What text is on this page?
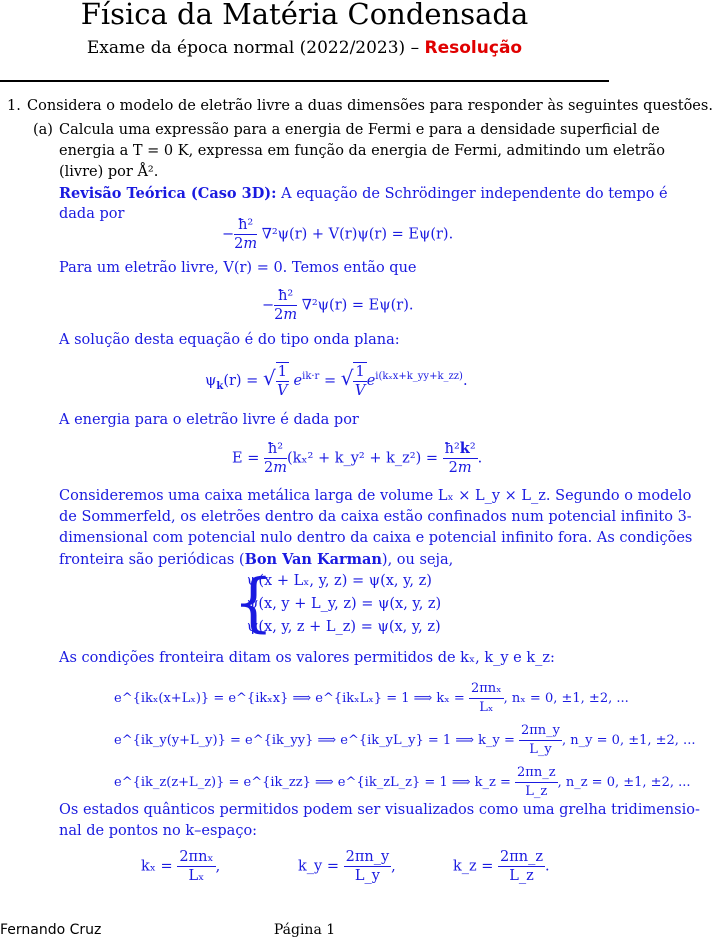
Física da Matéria Condensada
Exame da época normal (2022/2023) – Resolução
1. Considera o modelo de eletrão livre a duas dimensões para responder às seguintes questões.
(a) Calcula uma expressão para a energia de Fermi e para a densidade superficial de
energia a T = 0 K, expressa em função da energia de Fermi, admitindo um eletrão
(livre) por Å².
Revisão Teórica (Caso 3D): A equação de Schrödinger independente do tempo é
dada por
− $\frac{\text{ħ²}}{2m} \nabla^2\psi(r) + V(r)\psi(r) = E\psi(r)$.
Para um eletrão livre, V(r) = 0. Temos então que
− $\frac{\text{ħ²}}{2m} \nabla^2\psi(r) = E\psi(r)$.
A solução desta equação é do tipo onda plana:
$\psi_k(r)$ = √ $\frac{1}{V} e^{ik\cdot r}$ = √ $\frac{1}{V} e^{i(k_xx+k\_yy+k\_zz)}$.
A energia para o eletrão livre é dada por
$E = \frac{\text{ħ²}}{2m} (k_x^2$ + k_y² + k_z²) = $\frac{\text{ħ²k²}}{2m}$ .
Consideremos uma caixa metálica larga de volume Lₓ × L_y × L_z. Segundo o modelo
de Sommerfeld, os eletrões dentro da caixa estão confinados num potencial infinito 3-
dimensional com potencial nulo dentro da caixa e potencial infinito fora. As condições
fronteira são periódicas (Bon Van Karman), ou seja,
{
ψ(x + Lₓ, y, z) = ψ(x, y, z)
ψ(x, y + L_y, z) = ψ(x, y, z)
ψ(x, y, z + L_z) = ψ(x, y, z)
As condições fronteira ditam os valores permitidos de kₓ, k_y e k_z:
e^{ikₓ(x+Lₓ)} = e^{ikₓx} ⟹ e^{ikₓLₓ} = 1 ⟹ $k_x = \frac{\text{2πnₓ}}{\text{Lₓ}}$ , nₓ = 0, ±1, ±2, ...
e^{ik_y(y+L_y)} = e^{ik_yy} ⟹ e^{ik_yL_y} = 1 ⟹ k_y = $\frac{2\pi n\_y}{L\_y}$ , n_y = 0, ±1, ±2, ...
e^{ik_z(z+L_z)} = e^{ik_zz} ⟹ e^{ik_zL_z} = 1 ⟹ k_z = $\frac{2\pi n\_z}{L\_z}$ , n_z = 0, ±1, ±2, ...
Os estados quânticos permitidos podem ser visualizados como uma grelha tridimensio-
nal de pontos no k–espaço:
$k_x = \frac{\text{2πnₓ}}{\text{Lₓ}}$ ,	k_y = $\frac{2\pi n\_y}{L\_y}$ ,	k_z = $\frac{2\pi n\_z}{L\_z}$ .
Fernando Cruz	Página 1
